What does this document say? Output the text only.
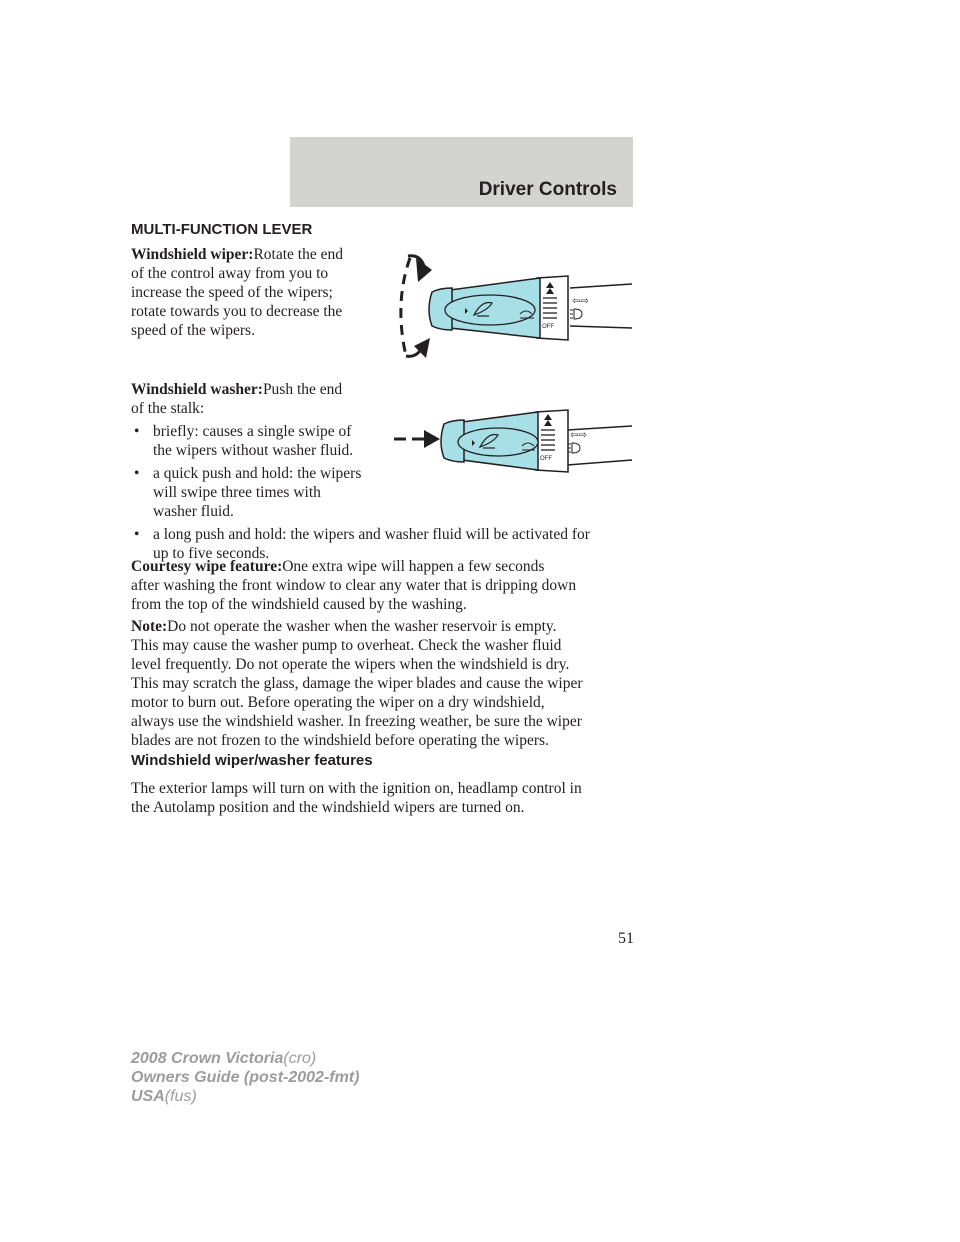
Driver Controls
MULTI-FUNCTION LEVER
Windshield wiper:Rotate the end
of the control away from you to
increase the speed of the wipers;
rotate towards you to decrease the
speed of the wipers.	OFF
⇦⇨
Windshield washer:Push the end
of the stalk:
• briefly: causes a single swipe of
the wipers without washer fluid.
• a quick push and hold: the wipers
will swipe three times with
washer fluid.
• a long push and hold: the wipers and washer fluid will be activated for
up to five seconds.
OFF
⇦⇨
Courtesy wipe feature:One extra wipe will happen a few seconds
after washing the front window to clear any water that is dripping down
from the top of the windshield caused by the washing.
Note:Do not operate the washer when the washer reservoir is empty.
This may cause the washer pump to overheat. Check the washer fluid
level frequently. Do not operate the wipers when the windshield is dry.
This may scratch the glass, damage the wiper blades and cause the wiper
motor to burn out. Before operating the wiper on a dry windshield,
always use the windshield washer. In freezing weather, be sure the wiper
blades are not frozen to the windshield before operating the wipers.
Windshield wiper/washer features
The exterior lamps will turn on with the ignition on, headlamp control in
the Autolamp position and the windshield wipers are turned on.

51

2008 Crown Victoria(cro)
Owners Guide (post-2002-fmt)
USA(fus)
